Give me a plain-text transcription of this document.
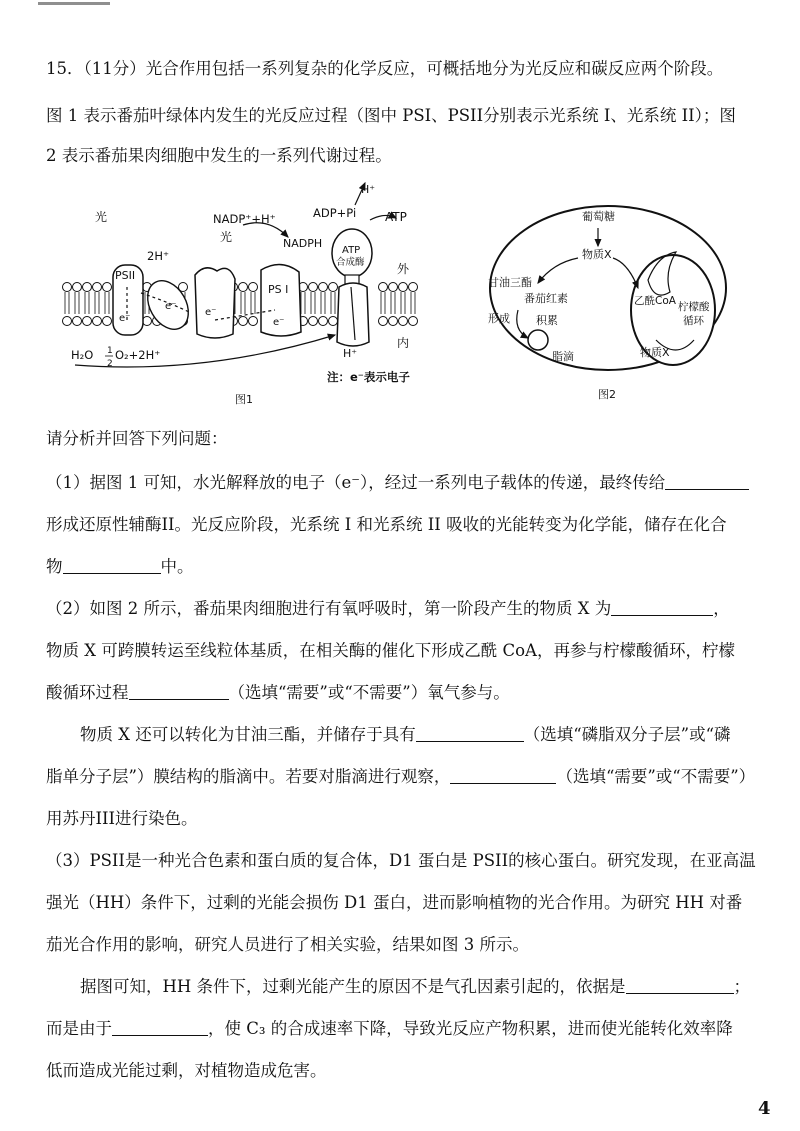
15．（11分）光合作用包括一系列复杂的化学反应，可概括地分为光反应和碳反应两个阶段。
图 1 表示番茄叶绿体内发生的光反应过程（图中 PSI、PSII分别表示光系统 I、光系统 II）；图
2 表示番茄果肉细胞中发生的一系列代谢过程。
光
2H⁺
PSII
PS I
NADP⁺+H⁺
光	NADPH
ADP+Pi ATP
H⁺
H⁺
ATP
合成酶	外
内
e⁻
e⁻
e⁻
e⁻
H₂O 1
2
O₂+2H⁺
注：e⁻表示电子
图1
葡萄糖
物质X
甘油三酯
番茄红素
形成 积累
脂滴
乙酰CoA 柠檬酸
循环
物质X
图2
请分析并回答下列问题：
（1）据图 1 可知，水光解释放的电子（e⁻），经过一系列电子载体的传递，最终传给
形成还原性辅酶II。光反应阶段，光系统 I 和光系统 II 吸收的光能转变为化学能，储存在化合
物	中。
（2）如图 2 所示，番茄果肉细胞进行有氧呼吸时，第一阶段产生的物质 X 为	，
物质 X 可跨膜转运至线粒体基质，在相关酶的催化下形成乙酰 CoA，再参与柠檬酸循环，柠檬
酸循环过程	（选填“需要”或“不需要”）氧气参与。
物质 X 还可以转化为甘油三酯，并储存于具有	（选填“磷脂双分子层”或“磷
脂单分子层”）膜结构的脂滴中。若要对脂滴进行观察，	（选填“需要”或“不需要”）
用苏丹III进行染色。
（3）PSII是一种光合色素和蛋白质的复合体，D1 蛋白是 PSII的核心蛋白。研究发现，在亚高温
强光（HH）条件下，过剩的光能会损伤 D1 蛋白，进而影响植物的光合作用。为研究 HH 对番
茄光合作用的影响，研究人员进行了相关实验，结果如图 3 所示。
据图可知，HH 条件下，过剩光能产生的原因不是气孔因素引起的，依据是	；
而是由于	，使 C₃ 的合成速率下降，导致光反应产物积累，进而使光能转化效率降
低而造成光能过剩，对植物造成危害。
4
